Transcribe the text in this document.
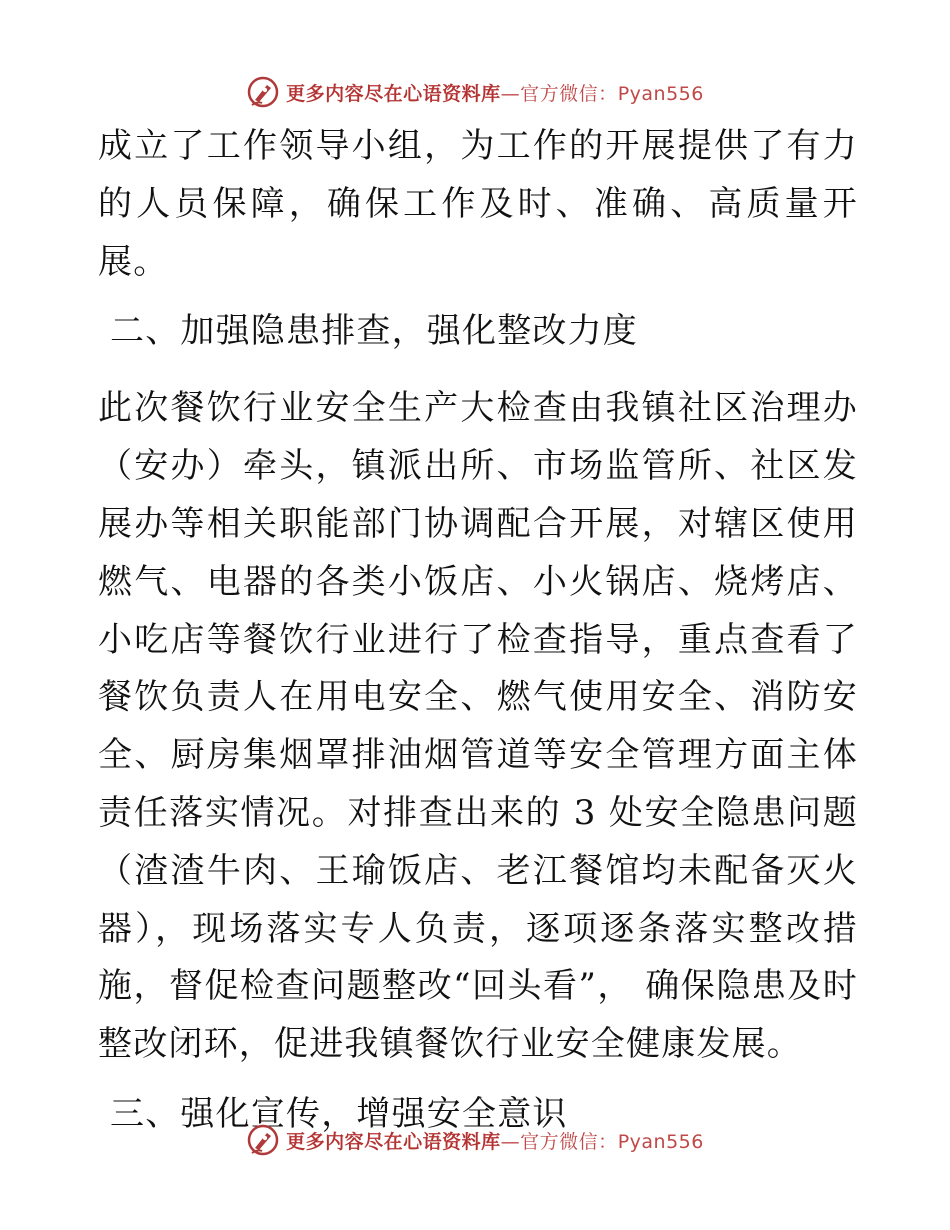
更多内容尽在心语资料库—官方微信：Pyan556

成立了工作领导小组，为工作的开展提供了有力的人员保障，确保工作及时、准确、高质量开展。

二、加强隐患排查，强化整改力度

此次餐饮行业安全生产大检查由我镇社区治理办（安办）牵头，镇派出所、市场监管所、社区发展办等相关职能部门协调配合开展，对辖区使用燃气、电器的各类小饭店、小火锅店、烧烤店、小吃店等餐饮行业进行了检查指导，重点查看了餐饮负责人在用电安全、燃气使用安全、消防安全、厨房集烟罩排油烟管道等安全管理方面主体责任落实情况。对排查出来的 3 处安全隐患问题（渣渣牛肉、王瑜饭店、老江餐馆均未配备灭火器），现场落实专人负责，逐项逐条落实整改措施，督促检查问题整改“回头看”， 确保隐患及时整改闭环，促进我镇餐饮行业安全健康发展。

三、强化宣传，增强安全意识

更多内容尽在心语资料库—官方微信：Pyan556
